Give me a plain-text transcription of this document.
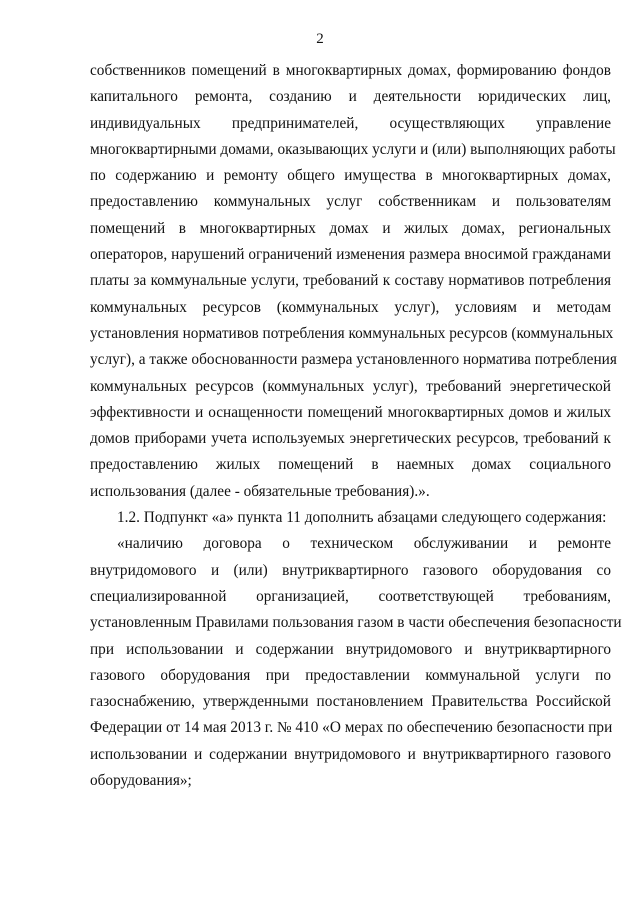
2
собственников помещений в многоквартирных домах, формированию фондов
капитального ремонта, созданию и деятельности юридических лиц,
индивидуальных предпринимателей, осуществляющих управление
многоквартирными домами, оказывающих услуги и (или) выполняющих работы
по содержанию и ремонту общего имущества в многоквартирных домах,
предоставлению коммунальных услуг собственникам и пользователям
помещений в многоквартирных домах и жилых домах, региональных
операторов, нарушений ограничений изменения размера вносимой гражданами
платы за коммунальные услуги, требований к составу нормативов потребления
коммунальных ресурсов (коммунальных услуг), условиям и методам
установления нормативов потребления коммунальных ресурсов (коммунальных
услуг), а также обоснованности размера установленного норматива потребления
коммунальных ресурсов (коммунальных услуг), требований энергетической
эффективности и оснащенности помещений многоквартирных домов и жилых
домов приборами учета используемых энергетических ресурсов, требований к
предоставлению жилых помещений в наемных домах социального
использования (далее - обязательные требования).».
1.2. Подпункт «а» пункта 11 дополнить абзацами следующего содержания:
«наличию договора о техническом обслуживании и ремонте
внутридомового и (или) внутриквартирного газового оборудования со
специализированной организацией, соответствующей требованиям,
установленным Правилами пользования газом в части обеспечения безопасности
при использовании и содержании внутридомового и внутриквартирного
газового оборудования при предоставлении коммунальной услуги по
газоснабжению, утвержденными постановлением Правительства Российской
Федерации от 14 мая 2013 г. № 410 «О мерах по обеспечению безопасности при
использовании и содержании внутридомового и внутриквартирного газового
оборудования»;
